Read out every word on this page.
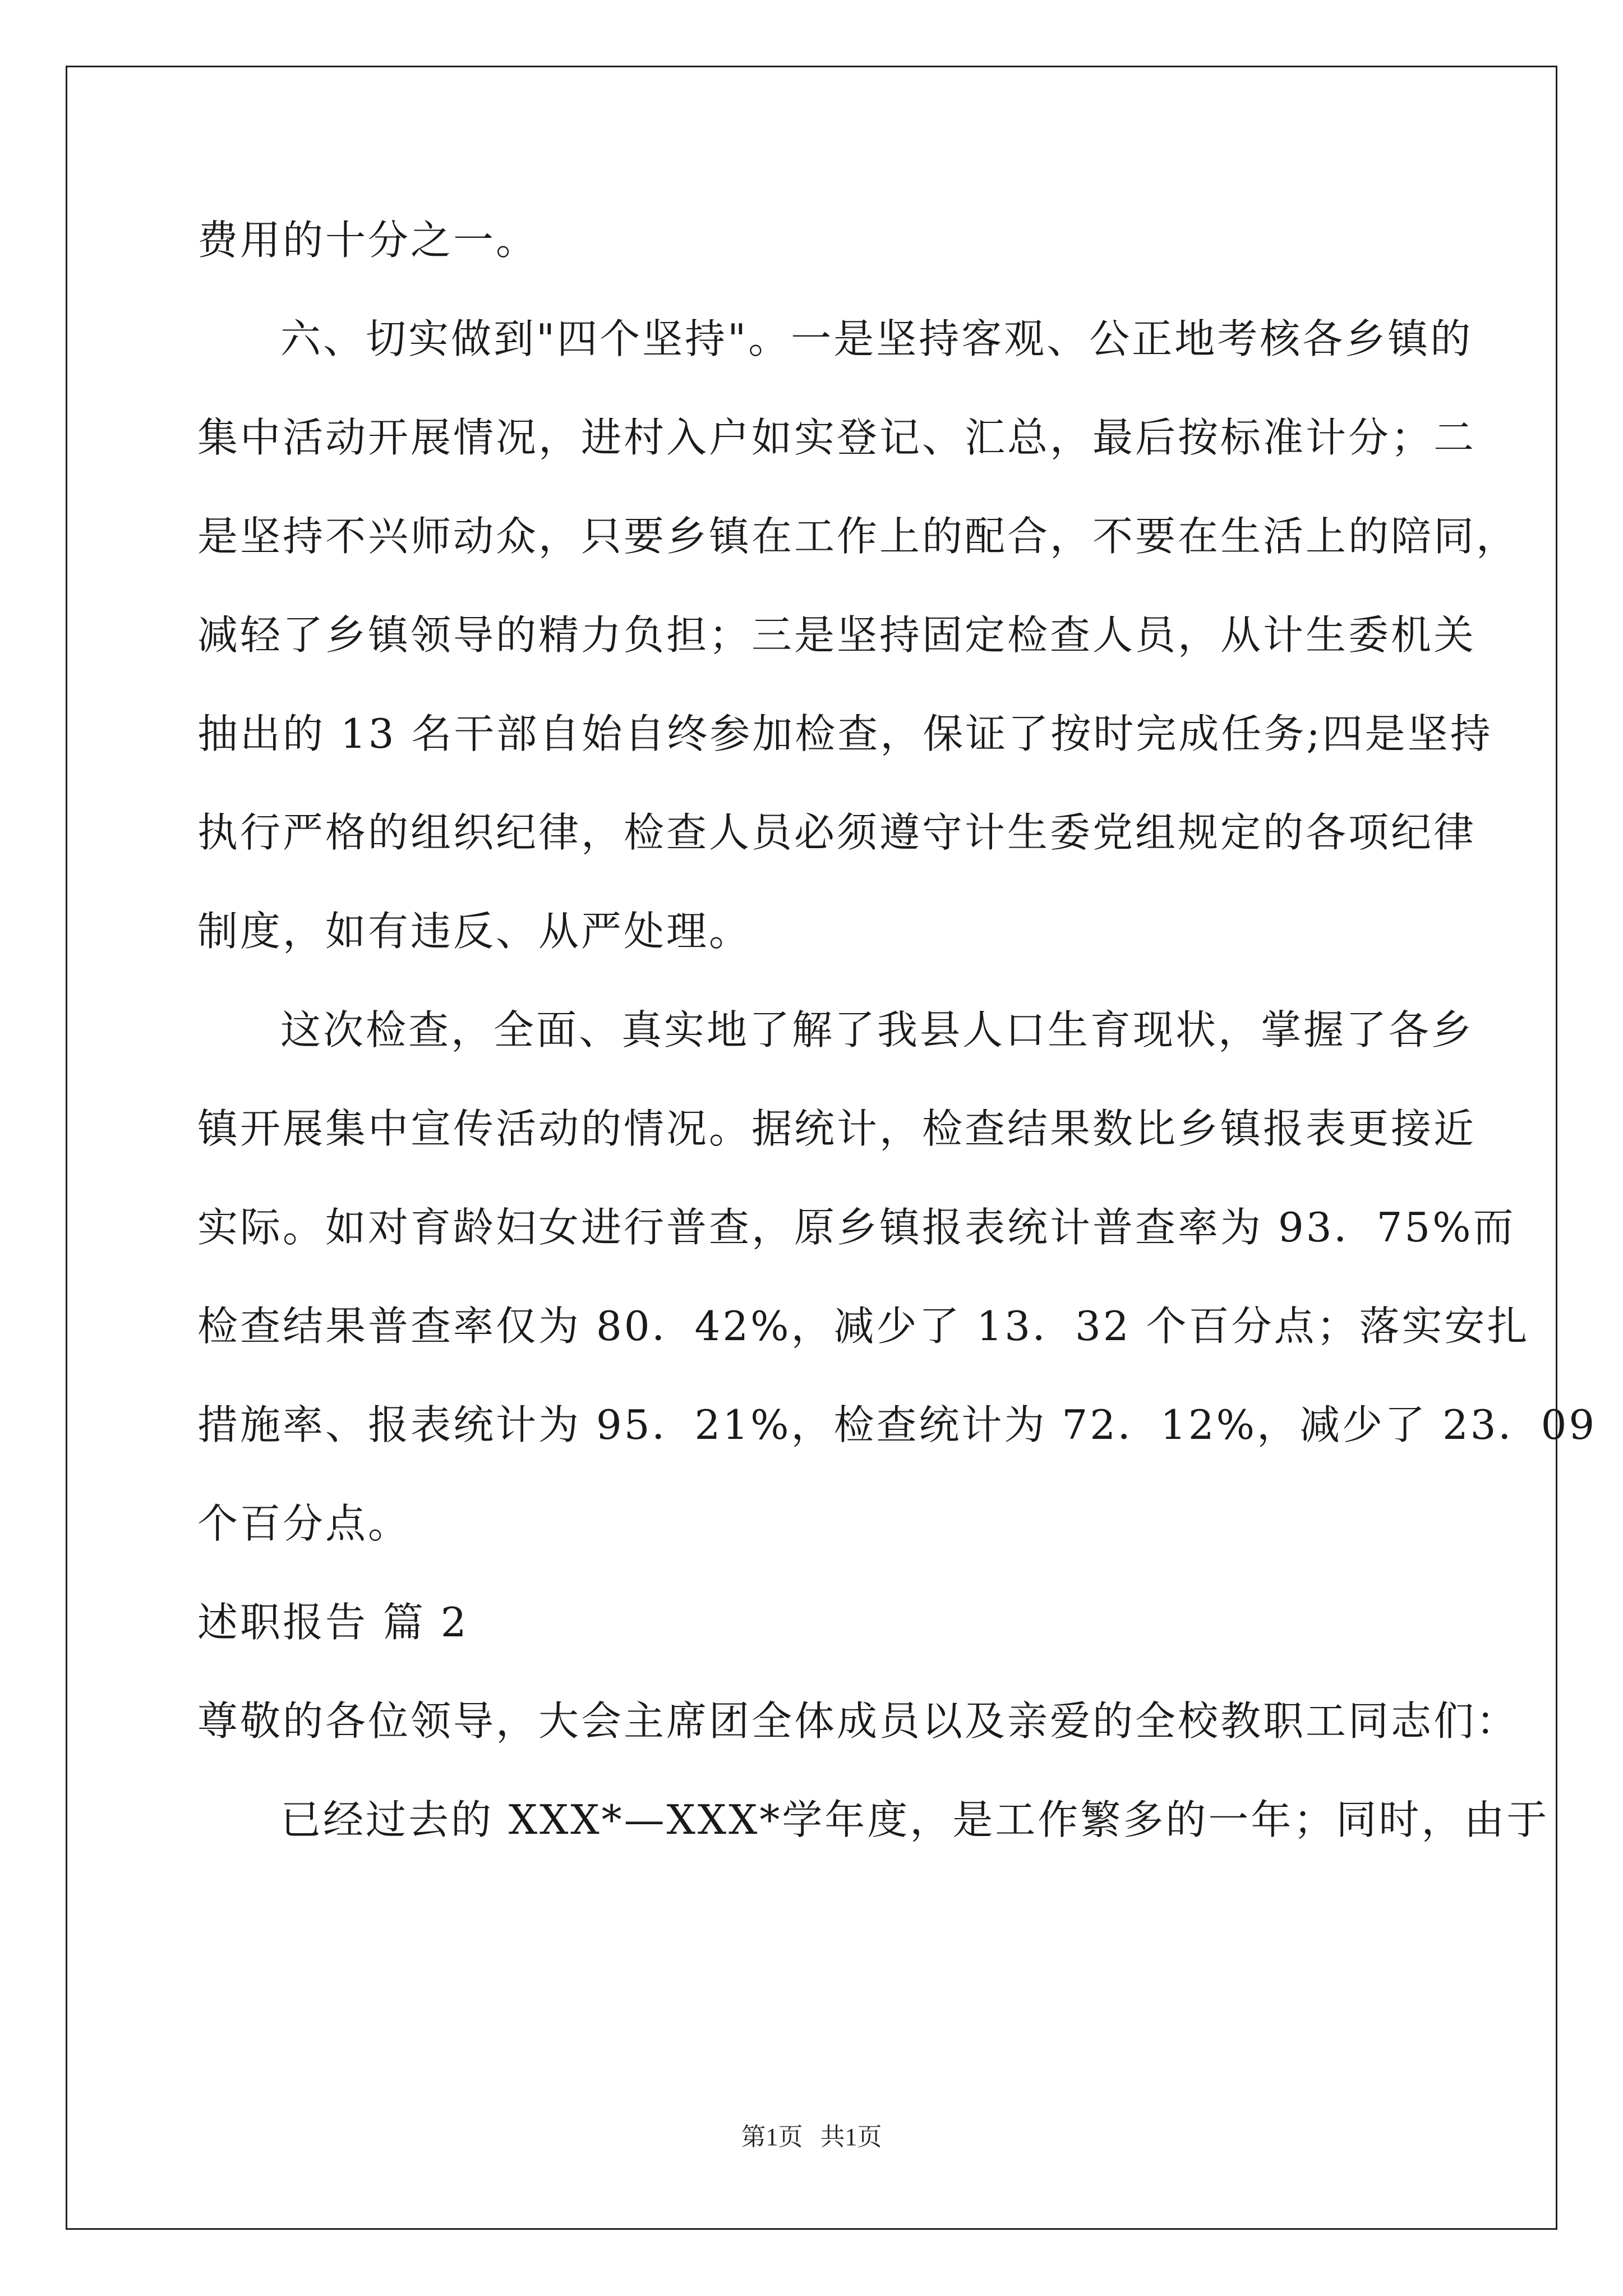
费用的十分之一。
六、切实做到"四个坚持"。一是坚持客观、公正地考核各乡镇的
集中活动开展情况，进村入户如实登记、汇总，最后按标准计分；二
是坚持不兴师动众，只要乡镇在工作上的配合，不要在生活上的陪同，
减轻了乡镇领导的精力负担；三是坚持固定检查人员，从计生委机关
抽出的 13 名干部自始自终参加检查，保证了按时完成任务;四是坚持
执行严格的组织纪律，检查人员必须遵守计生委党组规定的各项纪律
制度，如有违反、从严处理。
这次检查，全面、真实地了解了我县人口生育现状，掌握了各乡
镇开展集中宣传活动的情况。据统计，检查结果数比乡镇报表更接近
实际。如对育龄妇女进行普查，原乡镇报表统计普查率为 93．75%而
检查结果普查率仅为 80．42%，减少了 13．32 个百分点；落实安扎
措施率、报表统计为 95．21%，检查统计为 72．12%，减少了 23．09
个百分点。
述职报告 篇 2
尊敬的各位领导，大会主席团全体成员以及亲爱的全校教职工同志们：
已经过去的 XXX*—XXX*学年度，是工作繁多的一年；同时，由于
第1页 共1页
